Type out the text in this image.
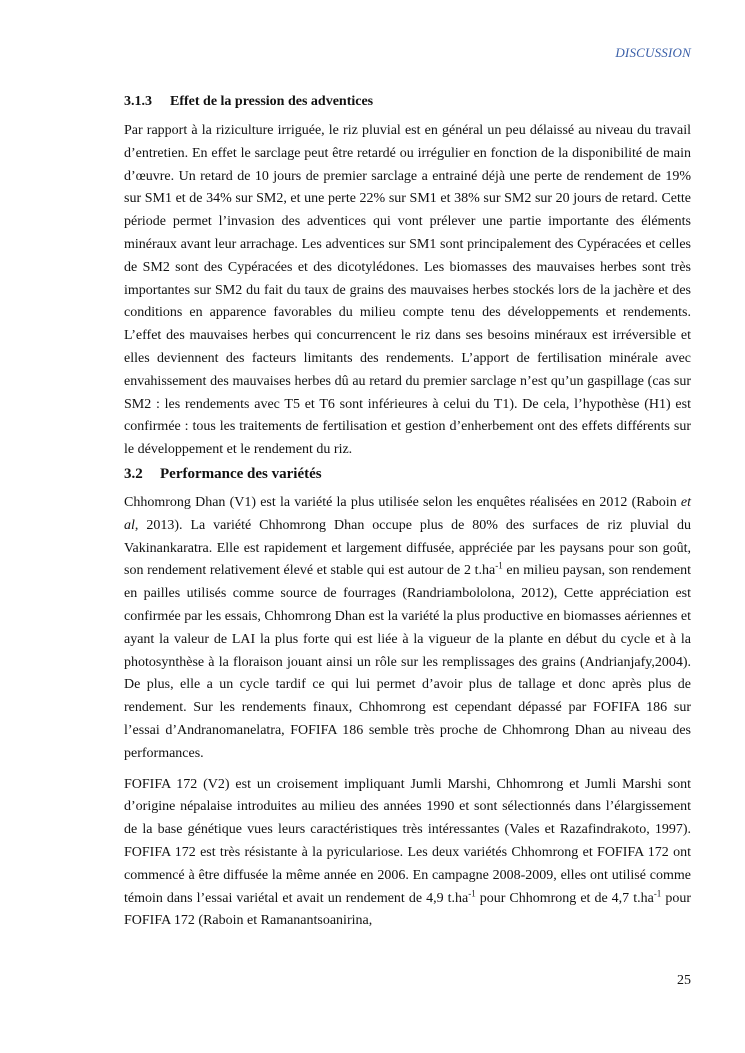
DISCUSSION
3.1.3 Effet de la pression des adventices

Par rapport à la riziculture irriguée, le riz pluvial est en général un peu délaissé au niveau du travail d’entretien. En effet le sarclage peut être retardé ou irrégulier en fonction de la disponibilité de main d’œuvre. Un retard de 10 jours de premier sarclage a entrainé déjà une perte de rendement de 19% sur SM1 et de 34% sur SM2, et une perte 22% sur SM1 et 38% sur SM2 sur 20 jours de retard. Cette période permet l’invasion des adventices qui vont prélever une partie importante des éléments minéraux avant leur arrachage. Les adventices sur SM1 sont principalement des Cypéracées et celles de SM2 sont des Cypéracées et des dicotylédones. Les biomasses des mauvaises herbes sont très importantes sur SM2 du fait du taux de grains des mauvaises herbes stockés lors de la jachère et des conditions en apparence favorables du milieu compte tenu des développements et rendements. L’effet des mauvaises herbes qui concurrencent le riz dans ses besoins minéraux est irréversible et elles deviennent des facteurs limitants des rendements. L’apport de fertilisation minérale avec envahissement des mauvaises herbes dû au retard du premier sarclage n’est qu’un gaspillage (cas sur SM2 : les rendements avec T5 et T6 sont inférieures à celui du T1). De cela, l’hypothèse (H1) est confirmée : tous les traitements de fertilisation et gestion d’enherbement ont des effets différents sur le développement et le rendement du riz.

3.2 Performance des variétés

Chhomrong Dhan (V1) est la variété la plus utilisée selon les enquêtes réalisées en 2012 (Raboin et al, 2013). La variété Chhomrong Dhan occupe plus de 80% des surfaces de riz pluvial du Vakinankaratra. Elle est rapidement et largement diffusée, appréciée par les paysans pour son goût, son rendement relativement élevé et stable qui est autour de 2 $t.ha^{-1}$ en milieu paysan, son rendement en pailles utilisés comme source de fourrages (Randriambololona, 2012), Cette appréciation est confirmée par les essais, Chhomrong Dhan est la variété la plus productive en biomasses aériennes et ayant la valeur de LAI la plus forte qui est liée à la vigueur de la plante en début du cycle et à la photosynthèse à la floraison jouant ainsi un rôle sur les remplissages des grains (Andrianjafy,2004). De plus, elle a un cycle tardif ce qui lui permet d’avoir plus de tallage et donc après plus de rendement. Sur les rendements finaux, Chhomrong est cependant dépassé par FOFIFA 186 sur l’essai d’Andranomanelatra, FOFIFA 186 semble très proche de Chhomrong Dhan au niveau des performances.

FOFIFA 172 (V2) est un croisement impliquant Jumli Marshi, Chhomrong et Jumli Marshi sont d’origine népalaise introduites au milieu des années 1990 et sont sélectionnés dans l’élargissement de la base génétique vues leurs caractéristiques très intéressantes (Vales et Razafindrakoto, 1997). FOFIFA 172 est très résistante à la pyriculariose. Les deux variétés Chhomrong et FOFIFA 172 ont commencé à être diffusée la même année en 2006. En campagne 2008-2009, elles ont utilisé comme témoin dans l’essai variétal et avait un rendement de 4,9 $t.ha^{-1}$ pour Chhomrong et de 4,7 $t.ha^{-1}$ pour FOFIFA 172 (Raboin et Ramanantsoanirina,

25
